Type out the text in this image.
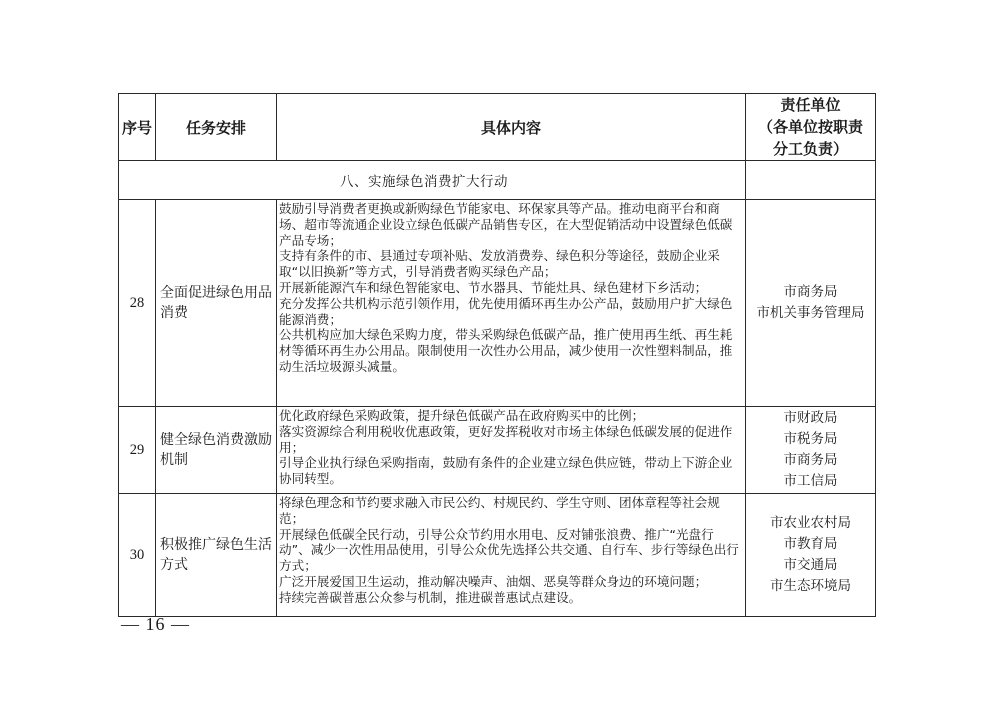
序号	任务安排	具体内容	责任单位
（各单位按职责
分工负责）

八、实施绿色消费扩大行动			
28	全面促进绿色用品
消费	鼓励引导消费者更换或新购绿色节能家电、环保家具等产品。推动电商平台和商场、超市等流通企业设立绿色低碳产品销售专区，在大型促销活动中设置绿色低碳产品专场；
支持有条件的市、县通过专项补贴、发放消费券、绿色积分等途径，鼓励企业采取“以旧换新”等方式，引导消费者购买绿色产品；
开展新能源汽车和绿色智能家电、节水器具、节能灶具、绿色建材下乡活动；
充分发挥公共机构示范引领作用，优先使用循环再生办公产品，鼓励用户扩大绿色能源消费；
公共机构应加大绿色采购力度，带头采购绿色低碳产品，推广使用再生纸、再生耗材等循环再生办公用品。限制使用一次性办公用品，减少使用一次性塑料制品，推动生活垃圾源头减量。	市商务局
市机关事务管理局

29	健全绿色消费激励
机制	优化政府绿色采购政策，提升绿色低碳产品在政府购买中的比例；
落实资源综合利用税收优惠政策，更好发挥税收对市场主体绿色低碳发展的促进作用；
引导企业执行绿色采购指南，鼓励有条件的企业建立绿色供应链，带动上下游企业协同转型。	市财政局
市税务局
市商务局
市工信局

30	积极推广绿色生活
方式	将绿色理念和节约要求融入市民公约、村规民约、学生守则、团体章程等社会规范；
开展绿色低碳全民行动，引导公众节约用水用电、反对铺张浪费、推广“光盘行动”、减少一次性用品使用，引导公众优先选择公共交通、自行车、步行等绿色出行方式；
广泛开展爱国卫生运动，推动解决噪声、油烟、恶臭等群众身边的环境问题；
持续完善碳普惠公众参与机制，推进碳普惠试点建设。	市农业农村局
市教育局
市交通局
市生态环境局
— 16 —
